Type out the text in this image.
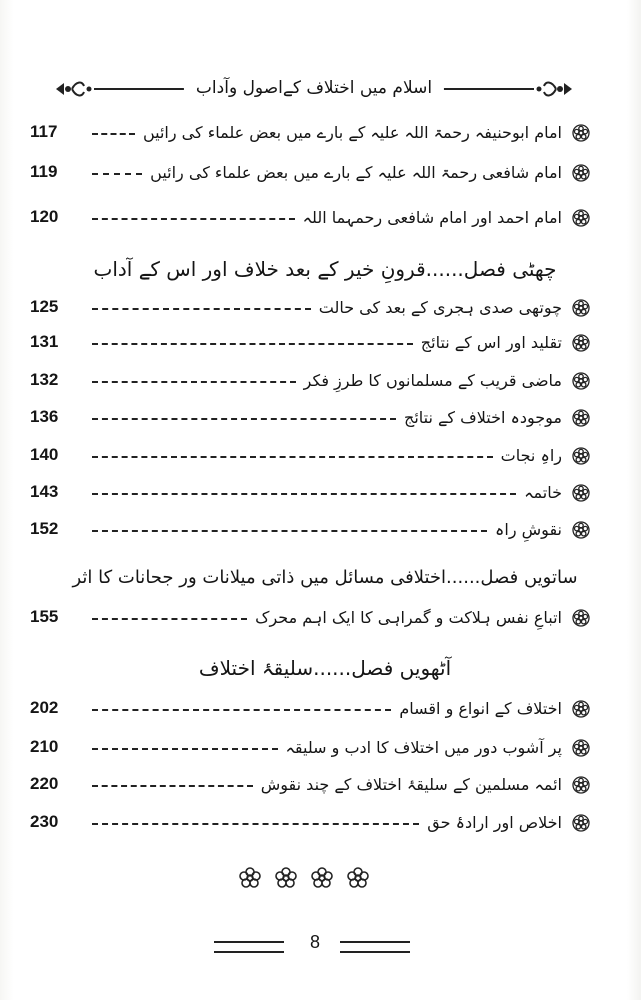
اسلام میں اختلاف کےاصول وآداب
117	امام ابوحنیفہ رحمۃ اللہ علیہ کے بارے میں بعض علماء کی رائیں
119	امام شافعی رحمۃ اللہ علیہ کے بارے میں بعض علماء کی رائیں
120	امام احمد اور امام شافعی رحمہما اللہ
چھٹی فصل......قرونِ خیر کے بعد خلاف اور اس کے آداب
125	چوتھی صدی ہجری کے بعد کی حالت
131	تقلید اور اس کے نتائج
132	ماضی قریب کے مسلمانوں کا طرزِ فکر
136	موجودہ اختلاف کے نتائج
140	راہِ نجات
143	خاتمہ
152	نقوشِ راہ
ساتویں فصل......اختلافی مسائل میں ذاتی میلانات ور جحانات کا اثر
155	اتباعِ نفس ہلاکت و گمراہی کا ایک اہم محرک
آٹھویں فصل......سلیقۂ اختلاف
202	اختلاف کے انواع و اقسام
210	پر آشوب دور میں اختلاف کا ادب و سلیقہ
220	ائمہ مسلمین کے سلیقۂ اختلاف کے چند نقوش
230	اخلاص اور ارادۂ حق
8
